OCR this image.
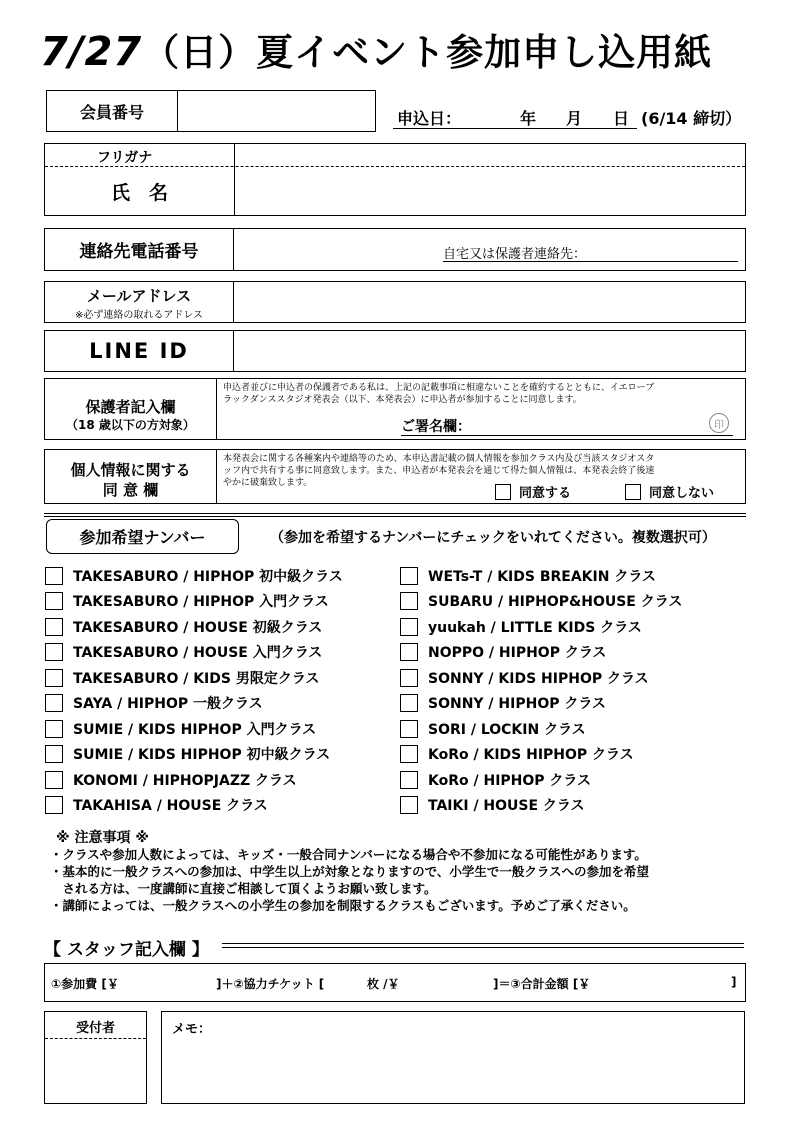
7/27（日）夏イベント参加申し込用紙
会員番号	申込日：	年 月 日 (6/14 締切）
フリガナ
氏　名
連絡先電話番号	自宅又は保護者連絡先：
メールアドレス
※必ず連絡の取れるアドレス
LINE ID
保護者記入欄
（18 歳以下の方対象）
申込者並びに申込者の保護者である私は、上記の記載事項に相違ないことを確約するとともに、イエローブ
ラックダンススタジオ発表会（以下、本発表会）に申込者が参加することに同意します。
ご署名欄：	印
個人情報に関する
同 意 欄
本発表会に関する各種案内や連絡等のため、本申込書記載の個人情報を参加クラス内及び当該スタジオスタ
ッフ内で共有する事に同意致します。また、申込者が本発表会を通じて得た個人情報は、本発表会終了後速
やかに破棄致します。
同意する	同意しない
参加希望ナンバー	（参加を希望するナンバーにチェックをいれてください。複数選択可）
TAKESABURO / HIPHOP 初中級クラス
TAKESABURO / HIPHOP 入門クラス
TAKESABURO / HOUSE 初級クラス
TAKESABURO / HOUSE 入門クラス
TAKESABURO / KIDS 男限定クラス
SAYA / HIPHOP 一般クラス
SUMIE / KIDS HIPHOP 入門クラス
SUMIE / KIDS HIPHOP 初中級クラス
KONOMI / HIPHOPJAZZ クラス
TAKAHISA / HOUSE クラス
WETs-T / KIDS BREAKIN クラス
SUBARU / HIPHOP&HOUSE クラス
yuukah / LITTLE KIDS クラス
NOPPO / HIPHOP クラス
SONNY / KIDS HIPHOP クラス
SONNY / HIPHOP クラス
SORI / LOCKIN クラス
KoRo / KIDS HIPHOP クラス
KoRo / HIPHOP クラス
TAIKI / HOUSE クラス
※ 注意事項 ※
・クラスや参加人数によっては、キッズ・一般合同ナンバーになる場合や不参加になる可能性があります。
・基本的に一般クラスへの参加は、中学生以上が対象となりますので、小学生で一般クラスへの参加を希望
　される方は、一度講師に直接ご相談して頂くようお願い致します。
・講師によっては、一般クラスへの小学生の参加を制限するクラスもございます。予めご了承ください。
【 スタッフ記入欄 】
①参加費 [￥	]＋②協力チケット [	枚 /￥	]＝③合計金額 [￥	]
受付者	メモ：
